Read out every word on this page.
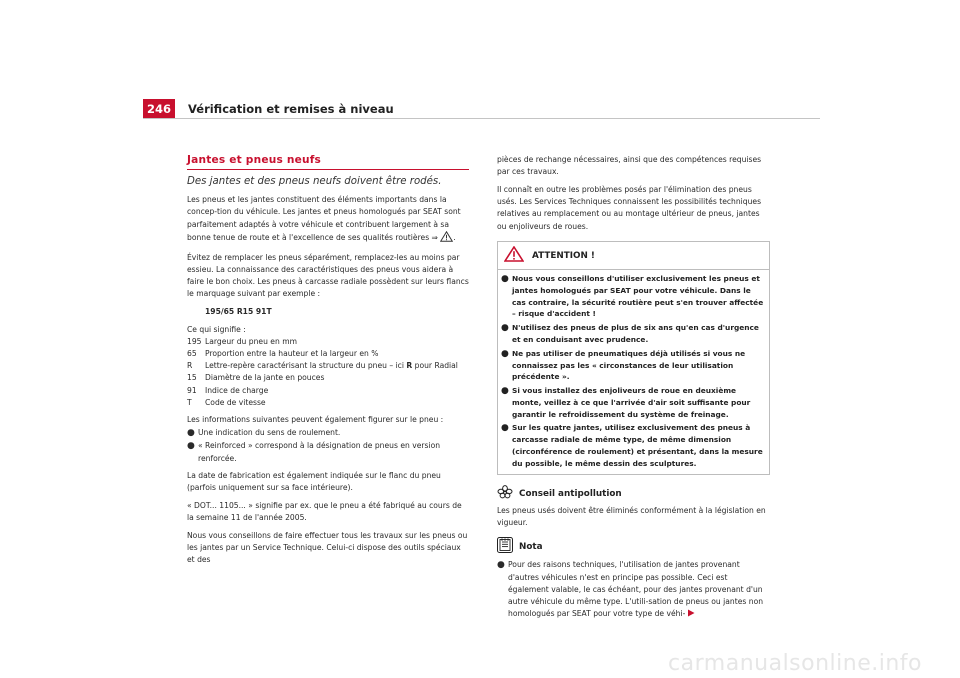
246	Vérification et remises à niveau
Jantes et pneus neufs
Des jantes et des pneus neufs doivent être rodés.

Les pneus et les jantes constituent des éléments importants dans la concep-tion du véhicule. Les jantes et pneus homologués par SEAT sont parfaitement adaptés à votre véhicule et contribuent largement à sa bonne tenue de route et à l'excellence de ses qualités routières ⇒ .

Évitez de remplacer les pneus séparément, remplacez-les au moins par essieu. La connaissance des caractéristiques des pneus vous aidera à faire le bon choix. Les pneus à carcasse radiale possèdent sur leurs flancs le marquage suivant par exemple :

195/65 R15 91T

Ce qui signifie :

195 Largeur du pneu en mm
65	Proportion entre la hauteur et la largeur en %
R	Lettre-repère caractérisant la structure du pneu – ici R pour Radial
15	Diamètre de la jante en pouces
91	Indice de charge
T	Code de vitesse

Les informations suivantes peuvent également figurer sur le pneu :

● Une indication du sens de roulement.
● « Reinforced » correspond à la désignation de pneus en version renforcée.

La date de fabrication est également indiquée sur le flanc du pneu (parfois uniquement sur sa face intérieure).

« DOT... 1105... » signifie par ex. que le pneu a été fabriqué au cours de la semaine 11 de l'année 2005.

Nous vous conseillons de faire effectuer tous les travaux sur les pneus ou les jantes par un Service Technique. Celui-ci dispose des outils spéciaux et des

pièces de rechange nécessaires, ainsi que des compétences requises par ces travaux.

Il connaît en outre les problèmes posés par l'élimination des pneus usés. Les Services Techniques connaissent les possibilités techniques relatives au remplacement ou au montage ultérieur de pneus, jantes ou enjoliveurs de roues.

ATTENTION !
● Nous vous conseillons d'utiliser exclusivement les pneus et jantes homologués par SEAT pour votre véhicule. Dans le cas contraire, la sécurité routière peut s'en trouver affectée – risque d'accident !
● N'utilisez des pneus de plus de six ans qu'en cas d'urgence et en conduisant avec prudence.
● Ne pas utiliser de pneumatiques déjà utilisés si vous ne connaissez pas les « circonstances de leur utilisation précédente ».
● Si vous installez des enjoliveurs de roue en deuxième monte, veillez à ce que l'arrivée d'air soit suffisante pour garantir le refroidissement du système de freinage.
● Sur les quatre jantes, utilisez exclusivement des pneus à carcasse radiale de même type, de même dimension (circonférence de roulement) et présentant, dans la mesure du possible, le même dessin des sculptures.
Conseil antipollution

Les pneus usés doivent être éliminés conformément à la législation en vigueur.

Nota
● Pour des raisons techniques, l'utilisation de jantes provenant d'autres véhicules n'est en principe pas possible. Ceci est également valable, le cas échéant, pour des jantes provenant d'un autre véhicule du même type. L'utili-sation de pneus ou jantes non homologués par SEAT pour votre type de véhi-
carmanualsonline.info
